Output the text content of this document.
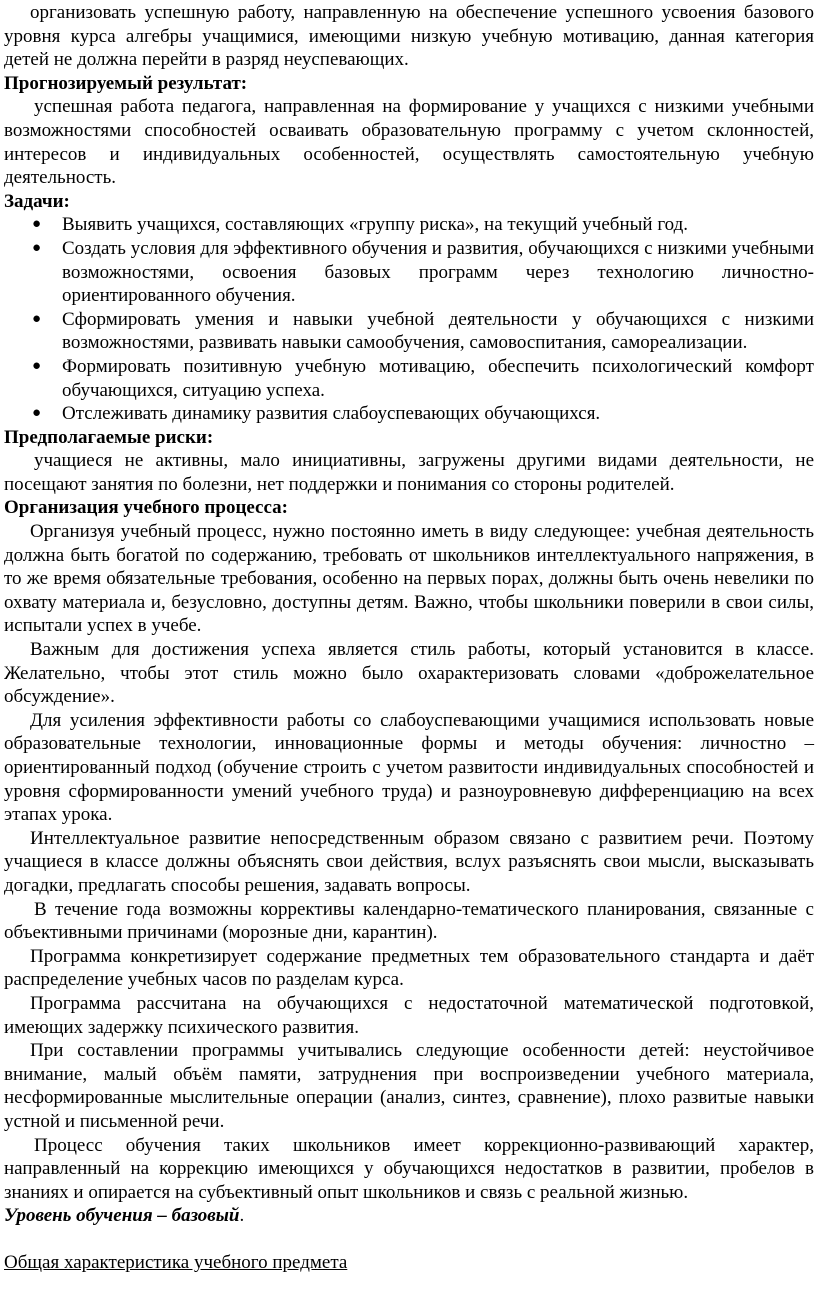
организовать успешную работу, направленную на обеспечение успешного усвоения базового уровня курса алгебры учащимися, имеющими низкую учебную мотивацию, данная категория детей не должна перейти в разряд неуспевающих.

Прогнозируемый результат:

успешная работа педагога, направленная на формирование у учащихся с низкими учебными возможностями способностей осваивать образовательную программу с учетом склонностей, интересов и индивидуальных особенностей, осуществлять самостоятельную учебную деятельность.

Задачи:

● Выявить учащихся, составляющих «группу риска», на текущий учебный год.
● Создать условия для эффективного обучения и развития, обучающихся с низкими учебными возможностями, освоения базовых программ через технологию личностно-ориентированного обучения.
● Сформировать умения и навыки учебной деятельности у обучающихся с низкими возможностями, развивать навыки самообучения, самовоспитания, самореализации.
● Формировать позитивную учебную мотивацию, обеспечить психологический комфорт обучающихся, ситуацию успеха.
● Отслеживать динамику развития слабоуспевающих обучающихся.

Предполагаемые риски:

учащиеся не активны, мало инициативны, загружены другими видами деятельности, не посещают занятия по болезни, нет поддержки и понимания со стороны родителей.

Организация учебного процесса:

Организуя учебный процесс, нужно постоянно иметь в виду следующее: учебная деятельность должна быть богатой по содержанию, требовать от школьников интеллектуального напряжения, в то же время обязательные требования, особенно на первых порах, должны быть очень невелики по охвату материала и, безусловно, доступны детям. Важно, чтобы школьники поверили в свои силы, испытали успех в учебе.

Важным для достижения успеха является стиль работы, который установится в классе. Желательно, чтобы этот стиль можно было охарактеризовать словами «доброжелательное обсуждение».

Для усиления эффективности работы со слабоуспевающими учащимися использовать новые образовательные технологии, инновационные формы и методы обучения: личностно – ориентированный подход (обучение строить с учетом развитости индивидуальных способностей и уровня сформированности умений учебного труда) и разноуровневую дифференциацию на всех этапах урока.

Интеллектуальное развитие непосредственным образом связано с развитием речи. Поэтому учащиеся в классе должны объяснять свои действия, вслух разъяснять свои мысли, высказывать догадки, предлагать способы решения, задавать вопросы.

В течение года возможны коррективы календарно-тематического планирования, связанные с объективными причинами (морозные дни, карантин).

Программа конкретизирует содержание предметных тем образовательного стандарта и даёт распределение учебных часов по разделам курса.

Программа рассчитана на обучающихся с недостаточной математической подготовкой, имеющих задержку психического развития.

При составлении программы учитывались следующие особенности детей: неустойчивое внимание, малый объём памяти, затруднения при воспроизведении учебного материала, несформированные мыслительные операции (анализ, синтез, сравнение), плохо развитые навыки устной и письменной речи.

Процесс обучения таких школьников имеет коррекционно-развивающий характер, направленный на коррекцию имеющихся у обучающихся недостатков в развитии, пробелов в знаниях и опирается на субъективный опыт школьников и связь с реальной жизнью.

Уровень обучения – базовый.

Общая характеристика учебного предмета
